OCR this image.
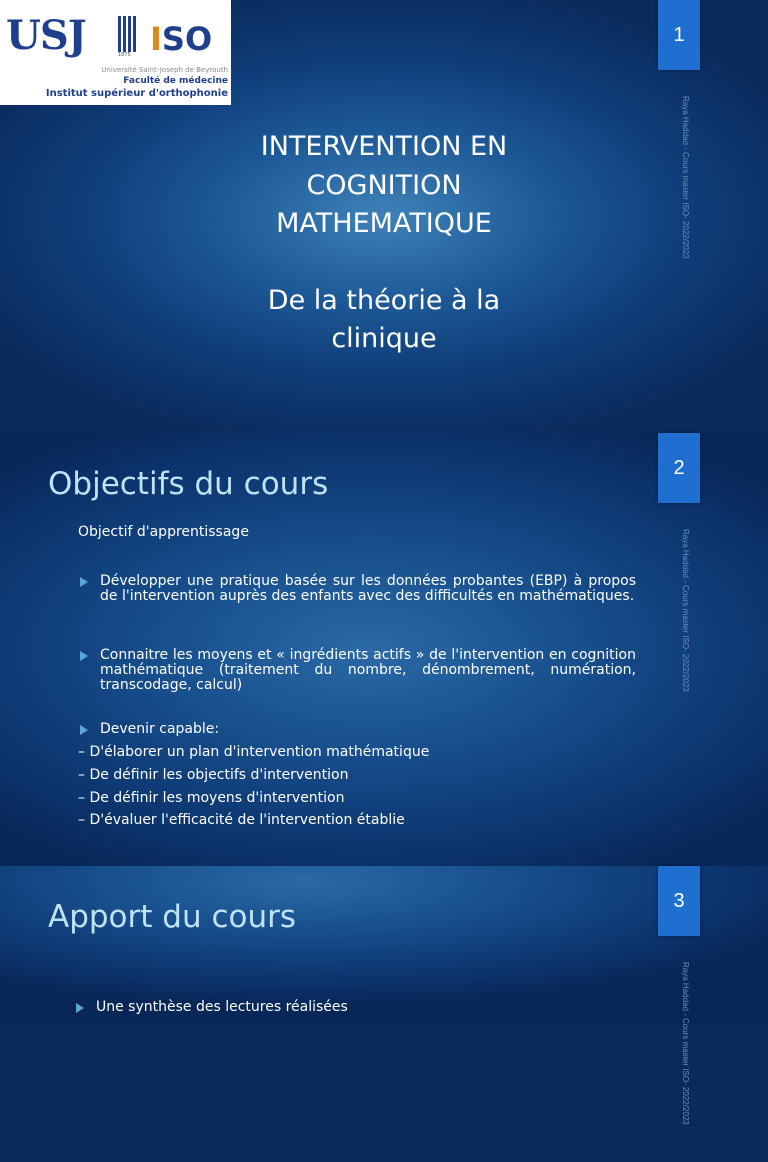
USJ	1875 ISO
Université Saint-Joseph de Beyrouth
Faculté de médecine
Institut supérieur d'orthophonie
1
Raya Haddad - Cours master ISO- 2022/2023
INTERVENTION EN
COGNITION
MATHEMATIQUE
De la théorie à la
clinique
2
Raya Haddad - Cours master ISO- 2022/2023
Objectifs du cours
Objectif d'apprentissage
Développer une pratique basée sur les données probantes (EBP) à propos de l'intervention auprès des enfants avec des difficultés en mathématiques.
Connaitre les moyens et « ingrédients actifs » de l'intervention en cognition mathématique (traitement du nombre, dénombrement, numération, transcodage, calcul)
Devenir capable:
– D'élaborer un plan d'intervention mathématique
– De définir les objectifs d'intervention
– De définir les moyens d'intervention
– D'évaluer l'efficacité de l'intervention établie
3
Raya Haddad - Cours master ISO- 2022/2023
Apport du cours
Une synthèse des lectures réalisées
